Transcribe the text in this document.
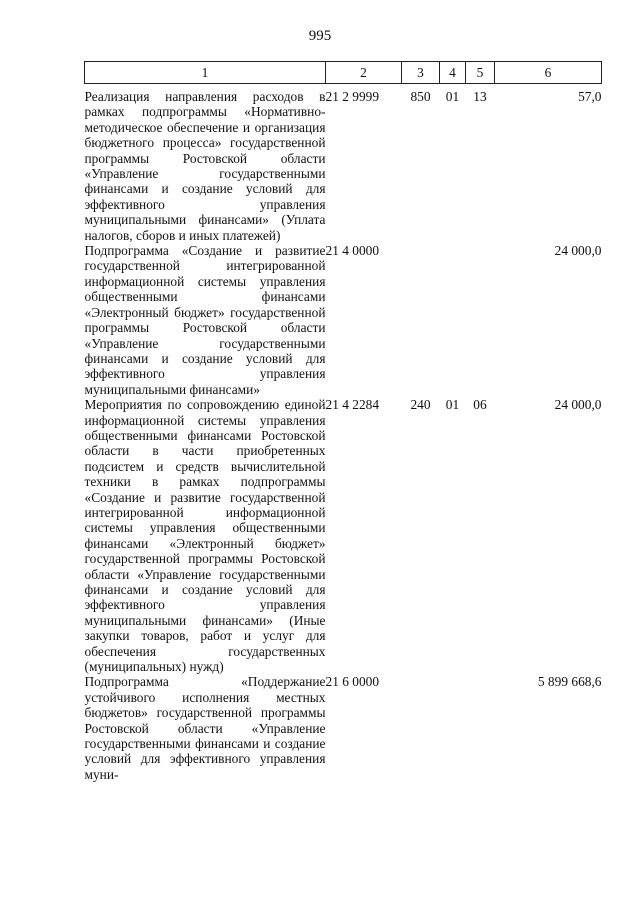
995
1	2	3	4	5	6
Реализация направления расходов в рамках подпрограммы «Нормативно-методическое обеспечение и организация бюджетного процесса» государственной программы Ростовской области «Управление государственными финансами и создание условий для эффективного управления муниципальными финансами» (Уплата налогов, сборов и иных платежей)	21 2 9999	850	01	13	57,0
Подпрограмма «Создание и развитие государственной интегрированной информационной системы управления общественными финансами «Электронный бюджет» государственной программы Ростовской области «Управление государственными финансами и создание условий для эффективного управления муниципальными финансами»	21 4 0000				24 000,0
Мероприятия по сопровождению единой информационной системы управления общественными финансами Ростовской области в части приобретенных подсистем и средств вычислительной техники в рамках подпрограммы «Создание и развитие государственной интегрированной информационной системы управления общественными финансами «Электронный бюджет» государственной программы Ростовской области «Управление государственными финансами и создание условий для эффективного управления муниципальными финансами» (Иные закупки товаров, работ и услуг для обеспечения государственных (муниципальных) нужд)	21 4 2284	240	01	06	24 000,0
Подпрограмма «Поддержание устойчивого исполнения местных бюджетов» государственной программы Ростовской области «Управление государственными финансами и создание условий для эффективного управления муни-	21 6 0000				5 899 668,6
